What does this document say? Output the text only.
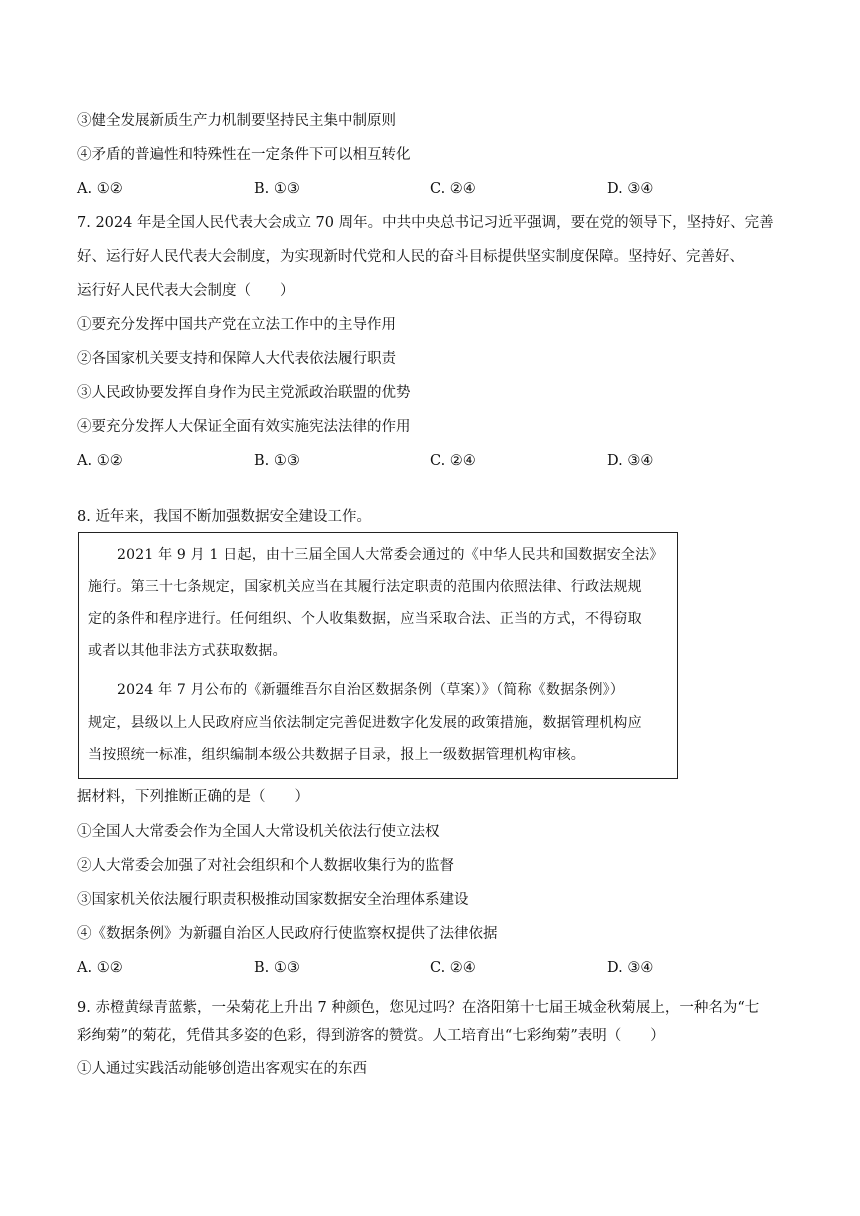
③健全发展新质生产力机制要坚持民主集中制原则
④矛盾的普遍性和特殊性在一定条件下可以相互转化
A. ①②	B. ①③	C. ②④	D. ③④
7. 2024 年是全国人民代表大会成立 70 周年。中共中央总书记习近平强调，要在党的领导下，坚持好、完善
好、运行好人民代表大会制度，为实现新时代党和人民的奋斗目标提供坚实制度保障。坚持好、完善好、
运行好人民代表大会制度（　　）
①要充分发挥中国共产党在立法工作中的主导作用
②各国家机关要支持和保障人大代表依法履行职责
③人民政协要发挥自身作为民主党派政治联盟的优势
④要充分发挥人大保证全面有效实施宪法法律的作用
A. ①②	B. ①③	C. ②④	D. ③④
8. 近年来，我国不断加强数据安全建设工作。
2021 年 9 月 1 日起，由十三届全国人大常委会通过的《中华人民共和国数据安全法》
施行。第三十七条规定，国家机关应当在其履行法定职责的范围内依照法律、行政法规规
定的条件和程序进行。任何组织、个人收集数据，应当采取合法、正当的方式，不得窃取
或者以其他非法方式获取数据。
2024 年 7 月公布的《新疆维吾尔自治区数据条例（草案）》（简称《数据条例》）
规定，县级以上人民政府应当依法制定完善促进数字化发展的政策措施，数据管理机构应
当按照统一标准，组织编制本级公共数据子目录，报上一级数据管理机构审核。
据材料，下列推断正确的是（　　）
①全国人大常委会作为全国人大常设机关依法行使立法权
②人大常委会加强了对社会组织和个人数据收集行为的监督
③国家机关依法履行职责积极推动国家数据安全治理体系建设
④《数据条例》为新疆自治区人民政府行使监察权提供了法律依据
A. ①②	B. ①③	C. ②④	D. ③④
9. 赤橙黄绿青蓝紫，一朵菊花上升出 7 种颜色，您见过吗？在洛阳第十七届王城金秋菊展上，一种名为“七
彩绚菊”的菊花，凭借其多姿的色彩，得到游客的赞赏。人工培育出“七彩绚菊”表明（　　）
①人通过实践活动能够创造出客观实在的东西
